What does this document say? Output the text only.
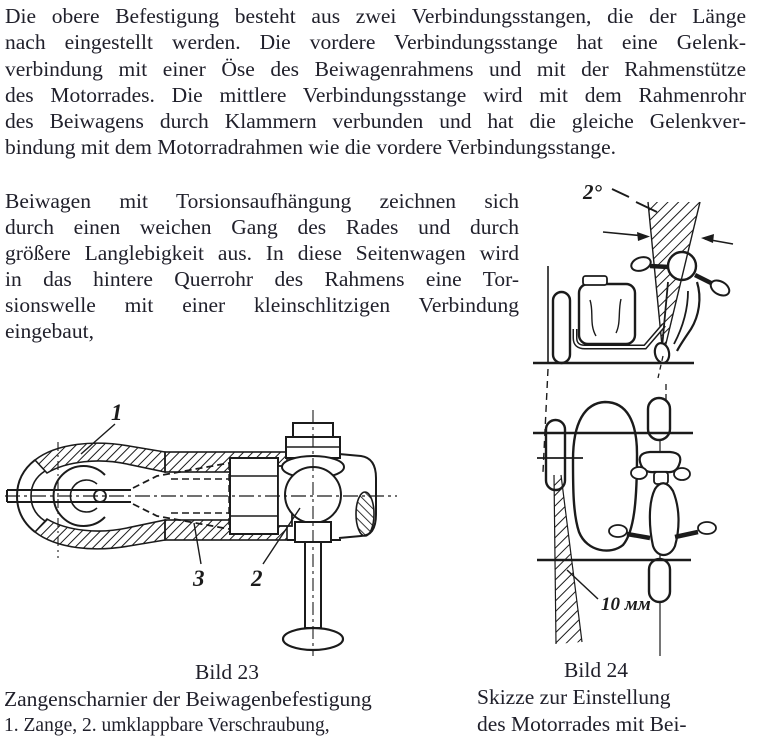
Die obere Befestigung besteht aus zwei Verbindungsstangen, die der Länge
nach eingestellt werden. Die vordere Verbindungsstange hat eine Gelenk-
verbindung mit einer Öse des Beiwagenrahmens und mit der Rahmenstütze
des Motorrades. Die mittlere Verbindungsstange wird mit dem Rahmenrohr
des Beiwagens durch Klammern verbunden und hat die gleiche Gelenkver-
bindung mit dem Motorradrahmen wie die vordere Verbindungsstange.
Beiwagen mit Torsionsaufhängung zeichnen sich
durch einen weichen Gang des Rades und durch
größere Langlebigkeit aus. In diese Seitenwagen wird
in das hintere Querrohr des Rahmens eine Tor-
sionswelle mit einer kleinschlitzigen Verbindung
eingebaut,
1
3 2
2°
10 мм
Bild 23
Zangenscharnier der Beiwagenbefestigung
1. Zange, 2. umklappbare Verschraubung,
Bild 24
Skizze zur Einstellung
des Motorrades mit Bei-
